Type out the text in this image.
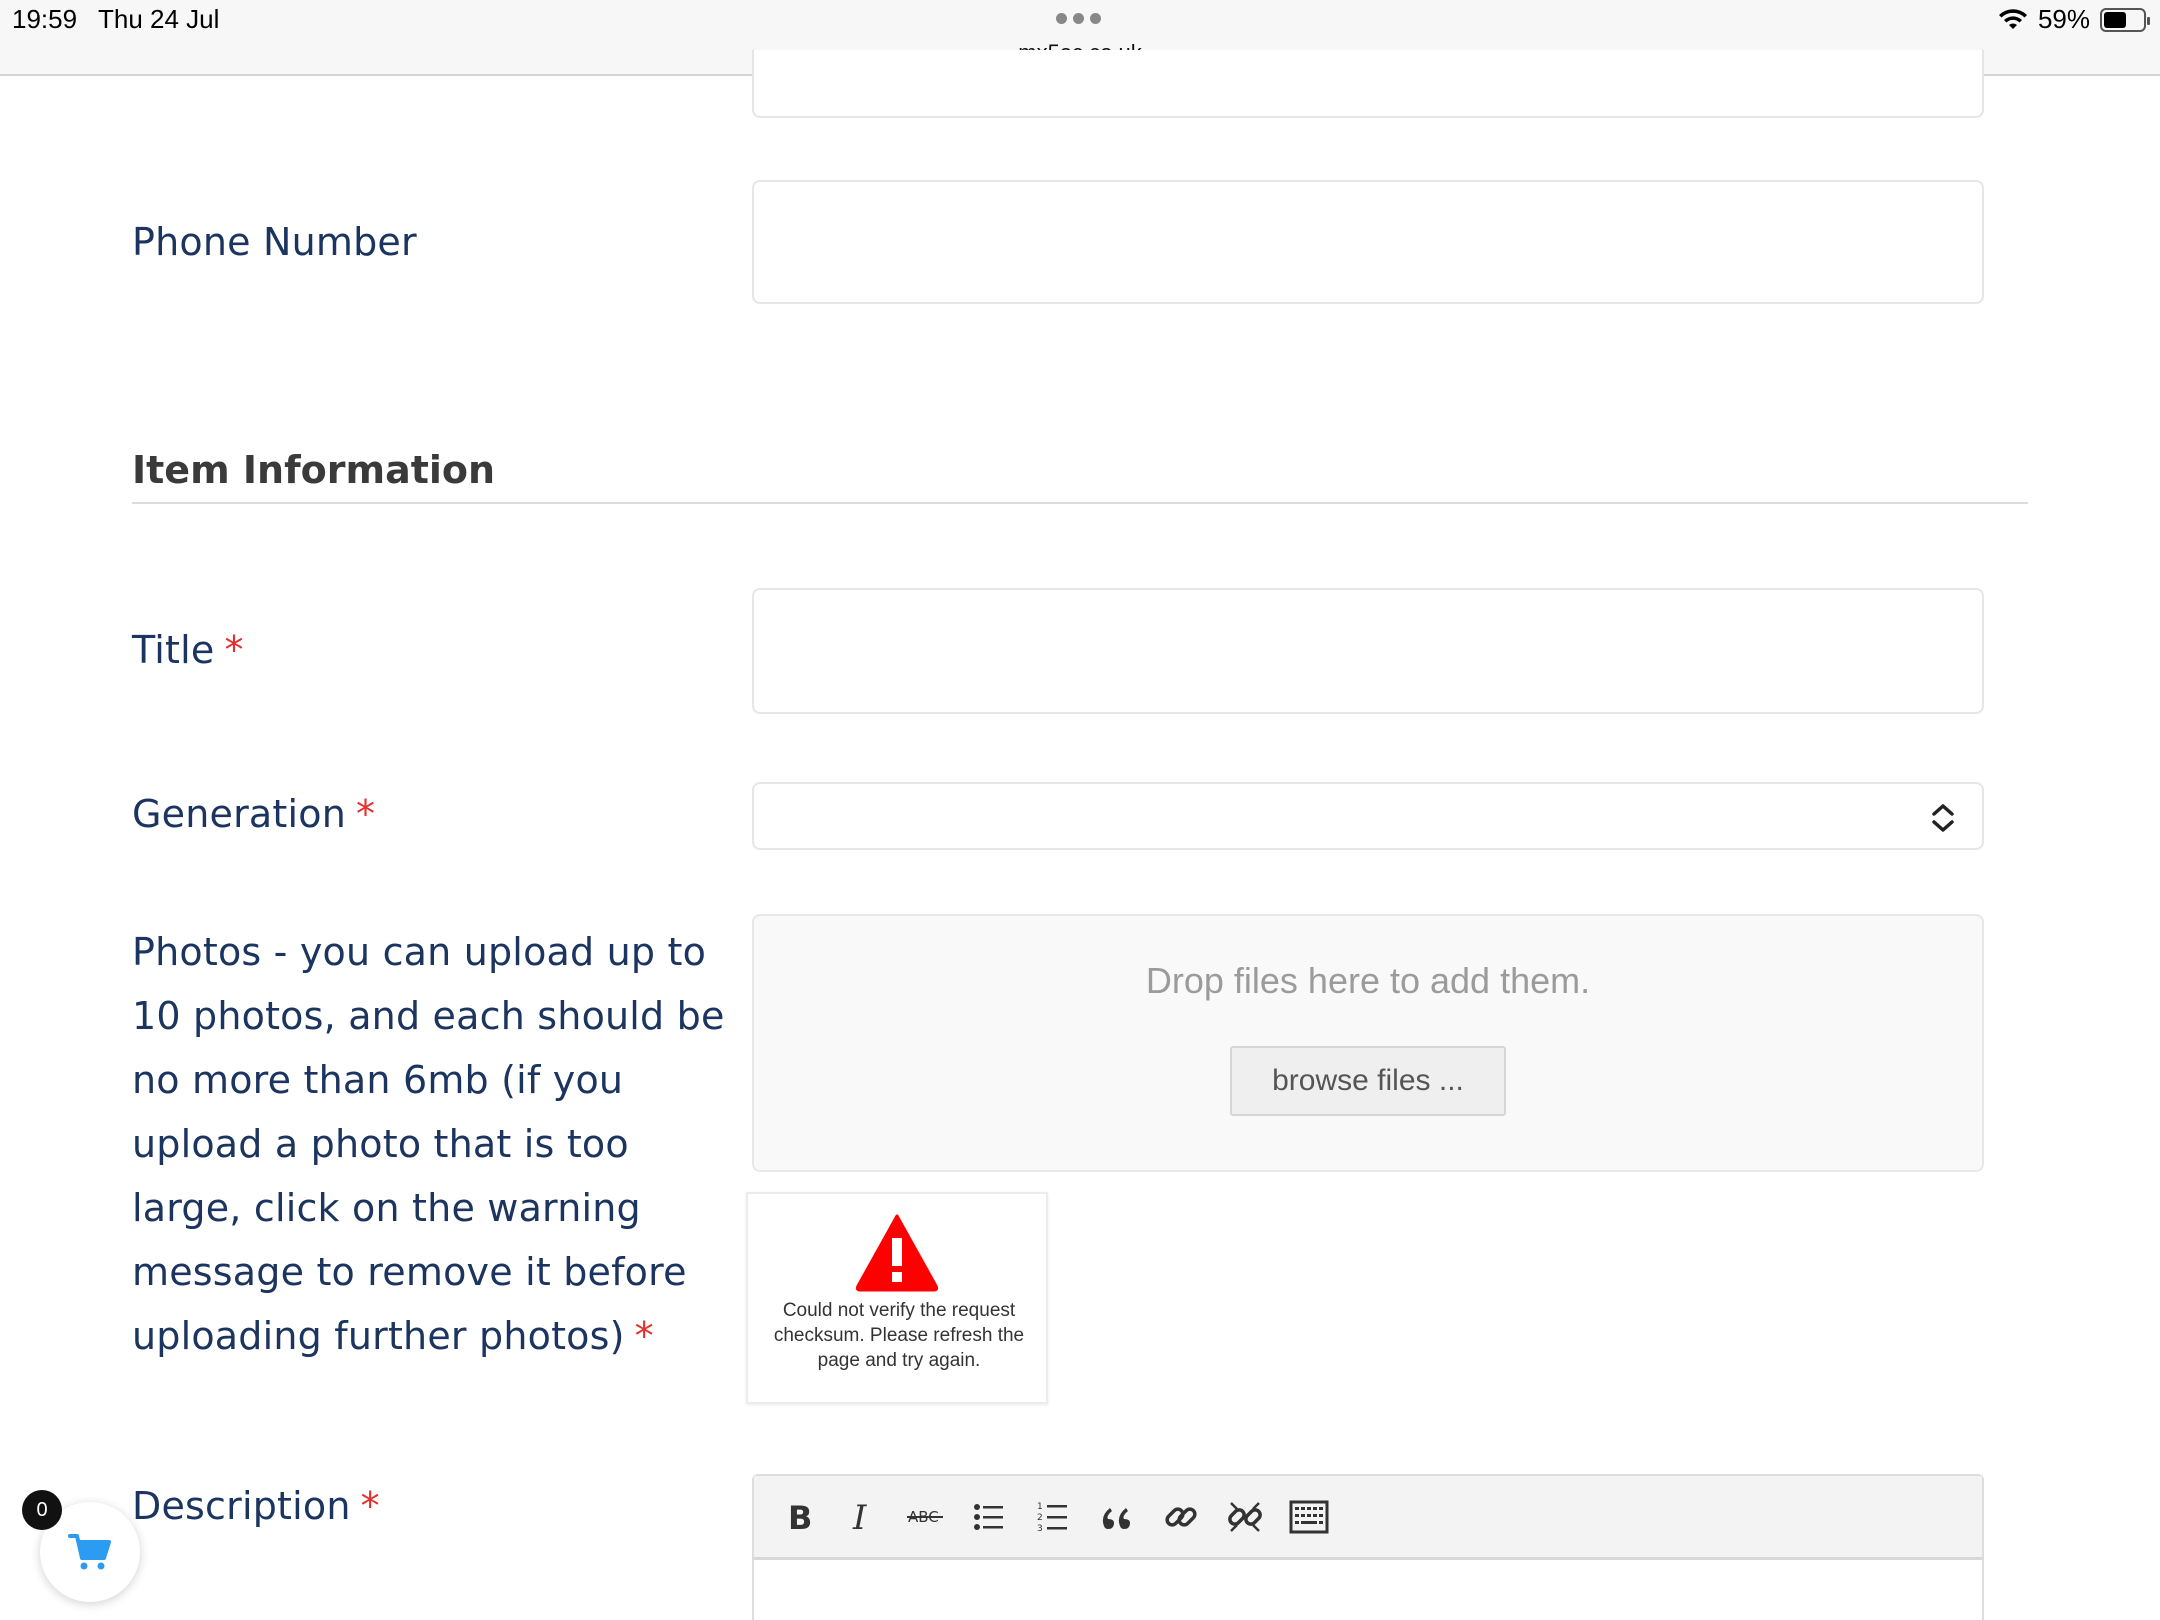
19:59 Thu 24 Jul	59%
Phone Number
Item Information
Title *
Generation *
Photos - you can upload up to
10 photos, and each should be
no more than 6mb (if you
upload a photo that is too
large, click on the warning
message to remove it before
uploading further photos) *
Drop files here to add them.
browse files ...
Could not verify the request checksum. Please refresh the page and try again.
Description *	B I	ABC
1
2
3
0
